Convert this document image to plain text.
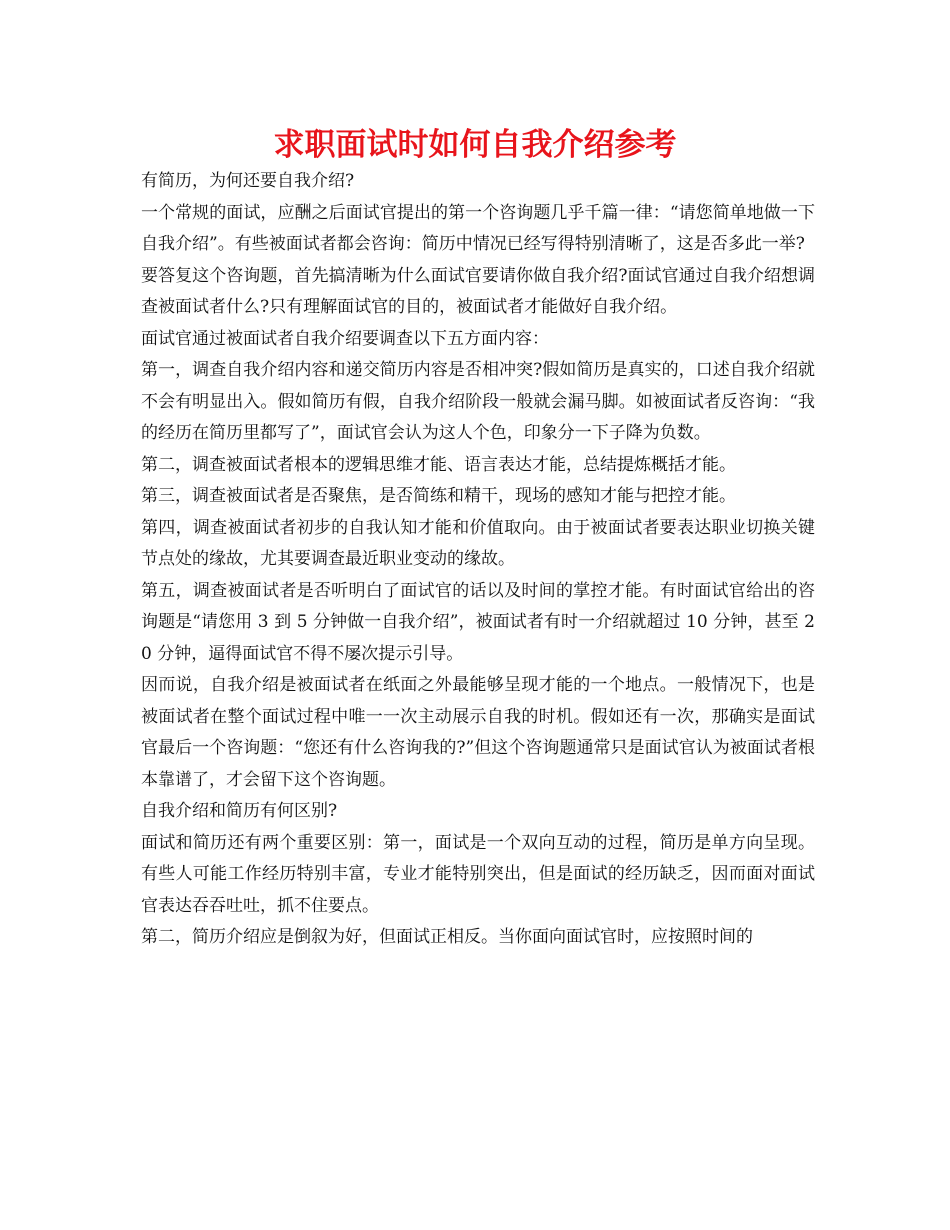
求职面试时如何自我介绍参考

有简历，为何还要自我介绍?

一个常规的面试，应酬之后面试官提出的第一个咨询题几乎千篇一律：“请您简单地做一下自我介绍”。有些被面试者都会咨询：简历中情况已经写得特别清晰了，这是否多此一举?

要答复这个咨询题，首先搞清晰为什么面试官要请你做自我介绍?面试官通过自我介绍想调查被面试者什么?只有理解面试官的目的，被面试者才能做好自我介绍。

面试官通过被面试者自我介绍要调查以下五方面内容：

第一，调查自我介绍内容和递交简历内容是否相冲突?假如简历是真实的，口述自我介绍就不会有明显出入。假如简历有假，自我介绍阶段一般就会漏马脚。如被面试者反咨询：“我的经历在简历里都写了”，面试官会认为这人个色，印象分一下子降为负数。

第二，调查被面试者根本的逻辑思维才能、语言表达才能，总结提炼概括才能。

第三，调查被面试者是否聚焦，是否简练和精干，现场的感知才能与把控才能。

第四，调查被面试者初步的自我认知才能和价值取向。由于被面试者要表达职业切换关键节点处的缘故，尤其要调查最近职业变动的缘故。

第五，调查被面试者是否听明白了面试官的话以及时间的掌控才能。有时面试官给出的咨询题是“请您用 3 到 5 分钟做一自我介绍”，被面试者有时一介绍就超过 10 分钟，甚至 20 分钟，逼得面试官不得不屡次提示引导。

因而说，自我介绍是被面试者在纸面之外最能够呈现才能的一个地点。一般情况下，也是被面试者在整个面试过程中唯一一次主动展示自我的时机。假如还有一次，那确实是面试官最后一个咨询题：“您还有什么咨询我的?”但这个咨询题通常只是面试官认为被面试者根本靠谱了，才会留下这个咨询题。

自我介绍和简历有何区别?

面试和简历还有两个重要区别：第一，面试是一个双向互动的过程，简历是单方向呈现。有些人可能工作经历特别丰富，专业才能特别突出，但是面试的经历缺乏，因而面对面试官表达吞吞吐吐，抓不住要点。

第二，简历介绍应是倒叙为好，但面试正相反。当你面向面试官时，应按照时间的
